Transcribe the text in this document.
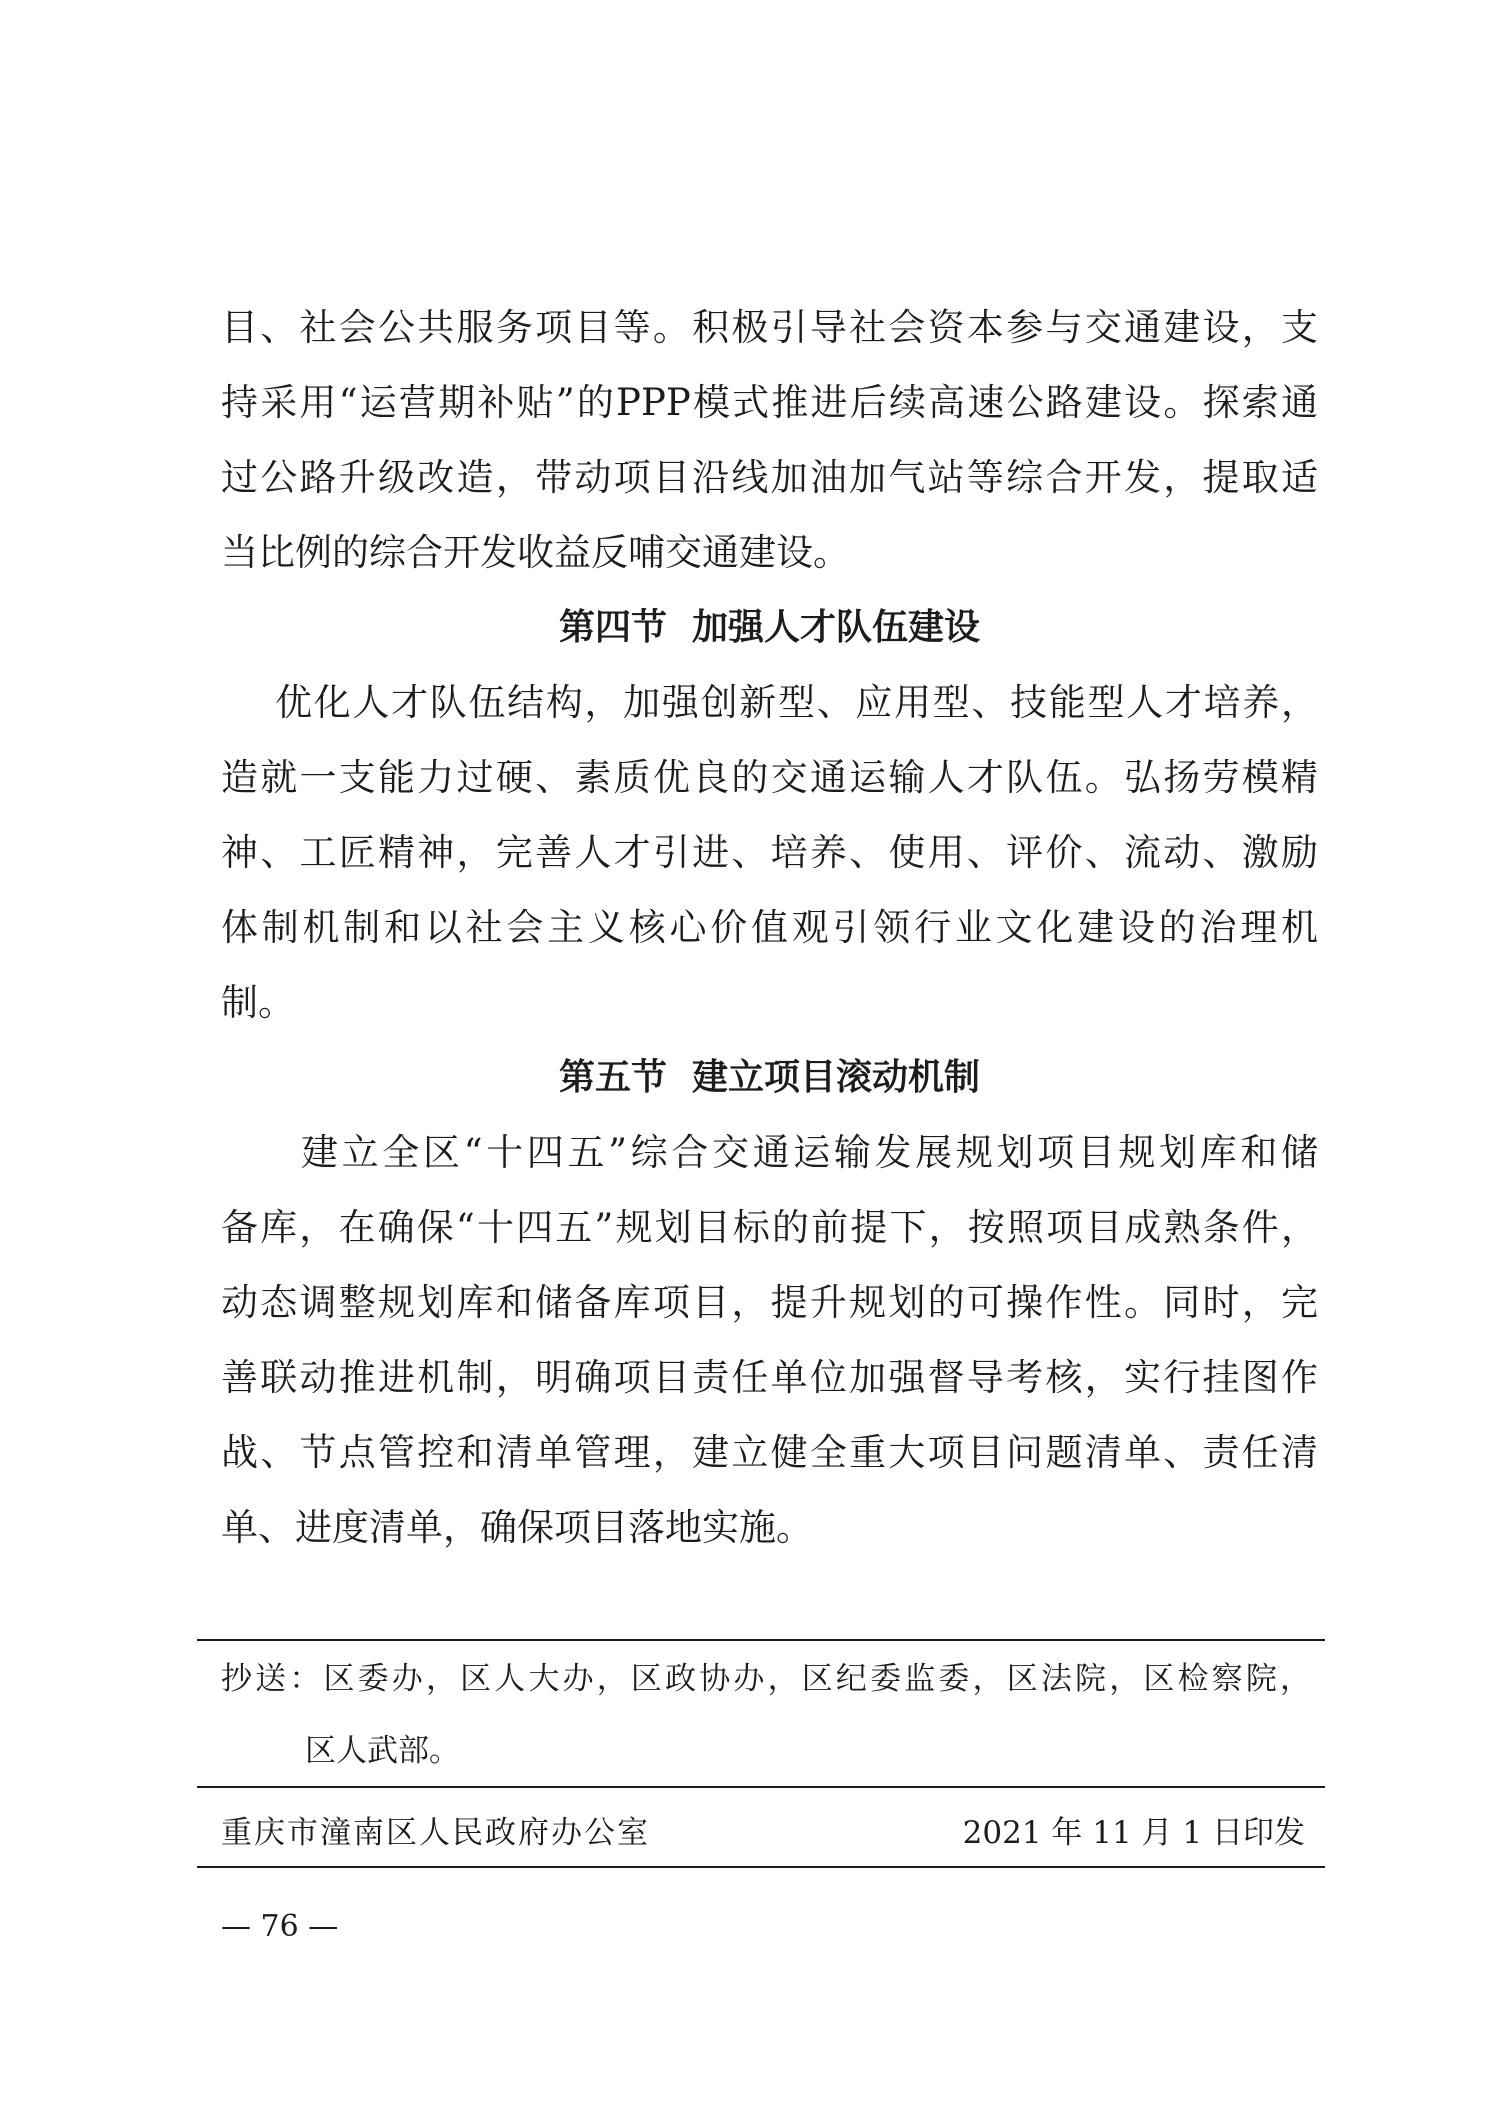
目、社会公共服务项目等。积极引导社会资本参与交通建设，支
持采用“运营期补贴”的PPP模式推进后续高速公路建设。探索通
过公路升级改造，带动项目沿线加油加气站等综合开发，提取适
当比例的综合开发收益反哺交通建设。
第四节  加强人才队伍建设
优化人才队伍结构，加强创新型、应用型、技能型人才培养，
造就一支能力过硬、素质优良的交通运输人才队伍。弘扬劳模精
神、工匠精神，完善人才引进、培养、使用、评价、流动、激励
体制机制和以社会主义核心价值观引领行业文化建设的治理机
制。
第五节  建立项目滚动机制
建立全区“十四五”综合交通运输发展规划项目规划库和储
备库，在确保“十四五”规划目标的前提下，按照项目成熟条件，
动态调整规划库和储备库项目，提升规划的可操作性。同时，完
善联动推进机制，明确项目责任单位加强督导考核，实行挂图作
战、节点管控和清单管理，建立健全重大项目问题清单、责任清
单、进度清单，确保项目落地实施。
抄送：区委办，区人大办，区政协办，区纪委监委，区法院，区检察院，
区人武部。
重庆市潼南区人民政府办公室	2021 年 11 月 1 日印发
— 76 —
